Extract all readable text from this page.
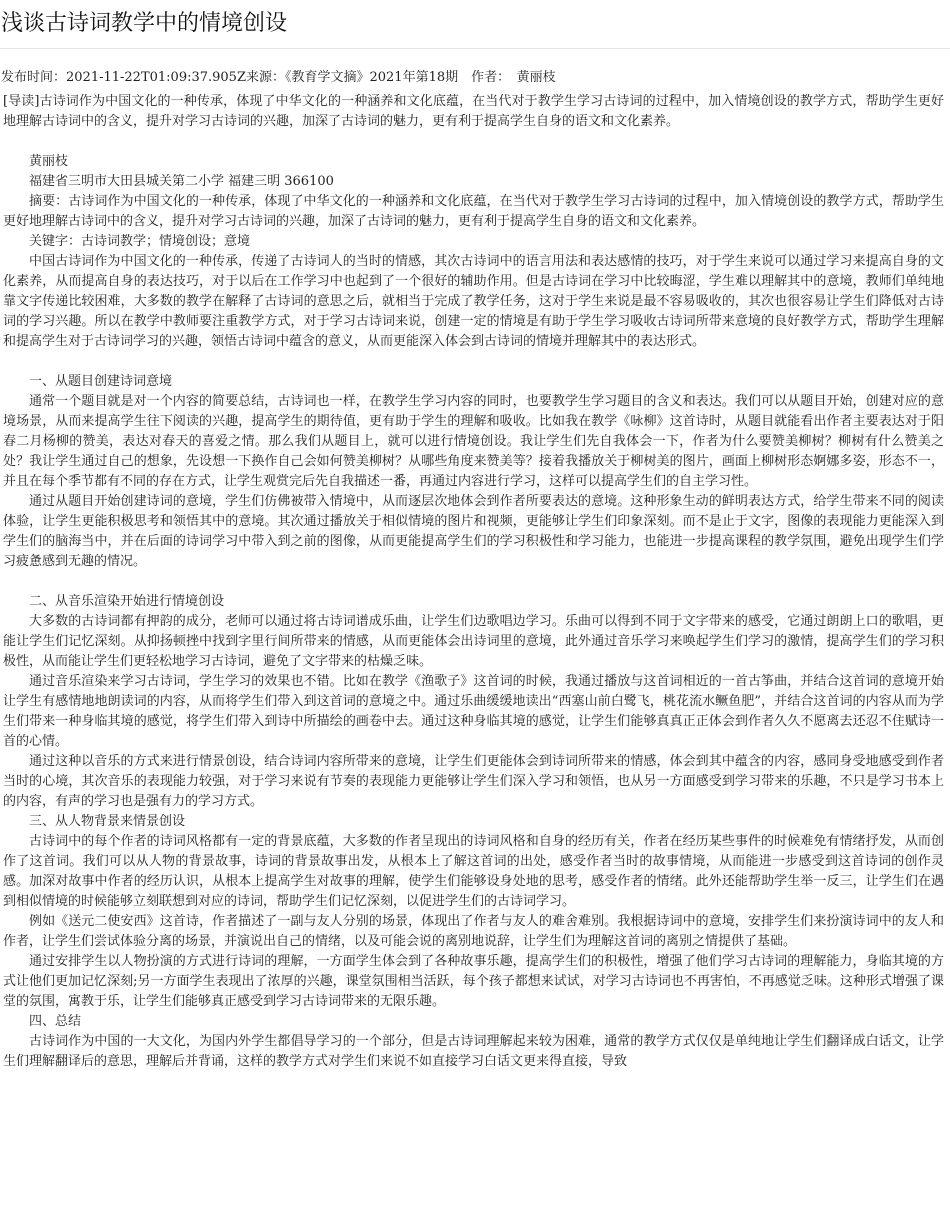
浅谈古诗词教学中的情境创设
发布时间：2021-11-22T01:09:37.905Z来源：《教育学文摘》2021年第18期　作者：　黄丽枝
[导读]古诗词作为中国文化的一种传承，体现了中华文化的一种涵养和文化底蕴，在当代对于教学生学习古诗词的过程中，加入情境创设的教学方式，帮助学生更好地理解古诗词中的含义，提升对学习古诗词的兴趣，加深了古诗词的魅力，更有利于提高学生自身的语文和文化素养。

黄丽枝

福建省三明市大田县城关第二小学 福建三明 366100

摘要：古诗词作为中国文化的一种传承，体现了中华文化的一种涵养和文化底蕴，在当代对于教学生学习古诗词的过程中，加入情境创设的教学方式，帮助学生更好地理解古诗词中的含义，提升对学习古诗词的兴趣，加深了古诗词的魅力，更有利于提高学生自身的语文和文化素养。

关键字：古诗词教学；情境创设；意境

中国古诗词作为中国文化的一种传承，传递了古诗词人的当时的情感，其次古诗词中的语言用法和表达感情的技巧，对于学生来说可以通过学习来提高自身的文化素养，从而提高自身的表达技巧，对于以后在工作学习中也起到了一个很好的辅助作用。但是古诗词在学习中比较晦涩，学生难以理解其中的意境，教师们单纯地靠文字传递比较困难，大多数的教学在解释了古诗词的意思之后，就相当于完成了教学任务，这对于学生来说是最不容易吸收的，其次也很容易让学生们降低对古诗词的学习兴趣。所以在教学中教师要注重教学方式，对于学习古诗词来说，创建一定的情境是有助于学生学习吸收古诗词所带来意境的良好教学方式，帮助学生理解和提高学生对于古诗词学习的兴趣，领悟古诗词中蕴含的意义，从而更能深入体会到古诗词的情境并理解其中的表达形式。

一、从题目创建诗词意境

通常一个题目就是对一个内容的简要总结，古诗词也一样，在教学生学习内容的同时，也要教学生学习题目的含义和表达。我们可以从题目开始，创建对应的意境场景，从而来提高学生往下阅读的兴趣，提高学生的期待值，更有助于学生的理解和吸收。比如我在教学《咏柳》这首诗时，从题目就能看出作者主要表达对于阳春二月杨柳的赞美，表达对春天的喜爱之情。那么我们从题目上，就可以进行情境创设。我让学生们先自我体会一下，作者为什么要赞美柳树？柳树有什么赞美之处？我让学生通过自己的想象，先设想一下换作自己会如何赞美柳树？从哪些角度来赞美等？接着我播放关于柳树美的图片，画面上柳树形态婀娜多姿，形态不一，并且在每个季节都有不同的存在方式，让学生观赏完后先自我描述一番，再通过内容进行学习，这样可以提高学生们的自主学习性。

通过从题目开始创建诗词的意境，学生们仿佛被带入情境中，从而逐层次地体会到作者所要表达的意境。这种形象生动的鲜明表达方式，给学生带来不同的阅读体验，让学生更能积极思考和领悟其中的意境。其次通过播放关于相似情境的图片和视频，更能够让学生们印象深刻。而不是止于文字，图像的表现能力更能深入到学生们的脑海当中，并在后面的诗词学习中带入到之前的图像，从而更能提高学生们的学习积极性和学习能力，也能进一步提高课程的教学氛围，避免出现学生们学习疲惫感到无趣的情况。

二、从音乐渲染开始进行情境创设

大多数的古诗词都有押韵的成分，老师可以通过将古诗词谱成乐曲，让学生们边歌唱边学习。乐曲可以得到不同于文字带来的感受，它通过朗朗上口的歌唱，更能让学生们记忆深刻。从抑扬顿挫中找到字里行间所带来的情感，从而更能体会出诗词里的意境，此外通过音乐学习来唤起学生们学习的激情，提高学生们的学习积极性，从而能让学生们更轻松地学习古诗词，避免了文字带来的枯燥乏味。

通过音乐渲染来学习古诗词，学生学习的效果也不错。比如在教学《渔歌子》这首词的时候，我通过播放与这首词相近的一首古筝曲，并结合这首词的意境开始让学生有感情地地朗读词的内容，从而将学生们带入到这首词的意境之中。通过乐曲缓缓地读出“西塞山前白鹭飞，桃花流水鳜鱼肥”，并结合这首词的内容从而为学生们带来一种身临其境的感觉，将学生们带入到诗中所描绘的画卷中去。通过这种身临其境的感觉，让学生们能够真真正正体会到作者久久不愿离去还忍不住赋诗一首的心情。

通过这种以音乐的方式来进行情景创设，结合诗词内容所带来的意境，让学生们更能体会到诗词所带来的情感，体会到其中蕴含的内容，感同身受地感受到作者当时的心境，其次音乐的表现能力较强，对于学习来说有节奏的表现能力更能够让学生们深入学习和领悟，也从另一方面感受到学习带来的乐趣，不只是学习书本上的内容，有声的学习也是强有力的学习方式。

三、从人物背景来情景创设

古诗词中的每个作者的诗词风格都有一定的背景底蕴，大多数的作者呈现出的诗词风格和自身的经历有关，作者在经历某些事件的时候难免有情绪抒发，从而创作了这首词。我们可以从人物的背景故事，诗词的背景故事出发，从根本上了解这首词的出处，感受作者当时的故事情境，从而能进一步感受到这首诗词的创作灵感。加深对故事中作者的经历认识，从根本上提高学生对故事的理解，使学生们能够设身处地的思考，感受作者的情绪。此外还能帮助学生举一反三，让学生们在遇到相似情境的时候能够立刻联想到对应的诗词，帮助学生们记忆深刻，以促进学生们的古诗词学习。

例如《送元二使安西》这首诗，作者描述了一副与友人分别的场景，体现出了作者与友人的难舍难别。我根据诗词中的意境，安排学生们来扮演诗词中的友人和作者，让学生们尝试体验分离的场景，并演说出自己的情绪，以及可能会说的离别地说辞，让学生们为理解这首词的离别之情提供了基础。

通过安排学生以人物扮演的方式进行诗词的理解，一方面学生体会到了各种故事乐趣，提高学生们的积极性，增强了他们学习古诗词的理解能力，身临其境的方式让他们更加记忆深刻;另一方面学生表现出了浓厚的兴趣，课堂氛围相当活跃，每个孩子都想来试试，对学习古诗词也不再害怕，不再感觉乏味。这种形式增强了课堂的氛围，寓教于乐，让学生们能够真正感受到学习古诗词带来的无限乐趣。

四、总结

古诗词作为中国的一大文化，为国内外学生都倡导学习的一个部分，但是古诗词理解起来较为困难，通常的教学方式仅仅是单纯地让学生们翻译成白话文，让学生们理解翻译后的意思，理解后并背诵，这样的教学方式对学生们来说不如直接学习白话文更来得直接，导致
